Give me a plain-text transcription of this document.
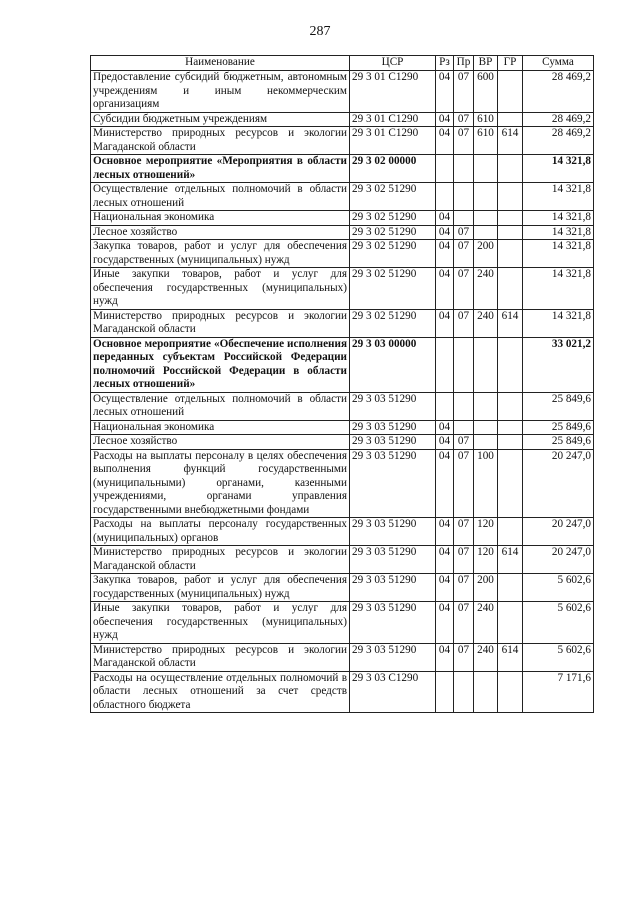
287
Наименование	ЦСР	Рз	Пр	ВР	ГР	Сумма
Предоставление субсидий бюджетным, автономным учреждениям и иным некоммерческим организациям	29 3 01 С1290	04	07	600		28 469,2
Субсидии бюджетным учреждениям	29 3 01 С1290	04	07	610		28 469,2
Министерство природных ресурсов и экологии Магаданской области	29 3 01 С1290	04	07	610	614	28 469,2
Основное мероприятие «Мероприятия в области лесных отношений»	29 3 02 00000					14 321,8
Осуществление отдельных полномочий в области лесных отношений	29 3 02 51290					14 321,8
Национальная экономика	29 3 02 51290	04				14 321,8
Лесное хозяйство	29 3 02 51290	04	07			14 321,8
Закупка товаров, работ и услуг для обеспечения государственных (муниципальных) нужд	29 3 02 51290	04	07	200		14 321,8
Иные закупки товаров, работ и услуг для обеспечения государственных (муниципальных) нужд	29 3 02 51290	04	07	240		14 321,8
Министерство природных ресурсов и экологии Магаданской области	29 3 02 51290	04	07	240	614	14 321,8
Основное мероприятие «Обеспечение исполнения переданных субъектам Российской Федерации полномочий Российской Федерации в области лесных отношений»	29 3 03 00000					33 021,2
Осуществление отдельных полномочий в области лесных отношений	29 3 03 51290					25 849,6
Национальная экономика	29 3 03 51290	04				25 849,6
Лесное хозяйство	29 3 03 51290	04	07			25 849,6
Расходы на выплаты персоналу в целях обеспечения выполнения функций государственными (муниципальными) органами, казенными учреждениями, органами управления государственными внебюджетными фондами	29 3 03 51290	04	07	100		20 247,0
Расходы на выплаты персоналу государственных (муниципальных) органов	29 3 03 51290	04	07	120		20 247,0
Министерство природных ресурсов и экологии Магаданской области	29 3 03 51290	04	07	120	614	20 247,0
Закупка товаров, работ и услуг для обеспечения государственных (муниципальных) нужд	29 3 03 51290	04	07	200		5 602,6
Иные закупки товаров, работ и услуг для обеспечения государственных (муниципальных) нужд	29 3 03 51290	04	07	240		5 602,6
Министерство природных ресурсов и экологии Магаданской области	29 3 03 51290	04	07	240	614	5 602,6
Расходы на осуществление отдельных полномочий в области лесных отношений за счет средств областного бюджета	29 3 03 С1290					7 171,6
